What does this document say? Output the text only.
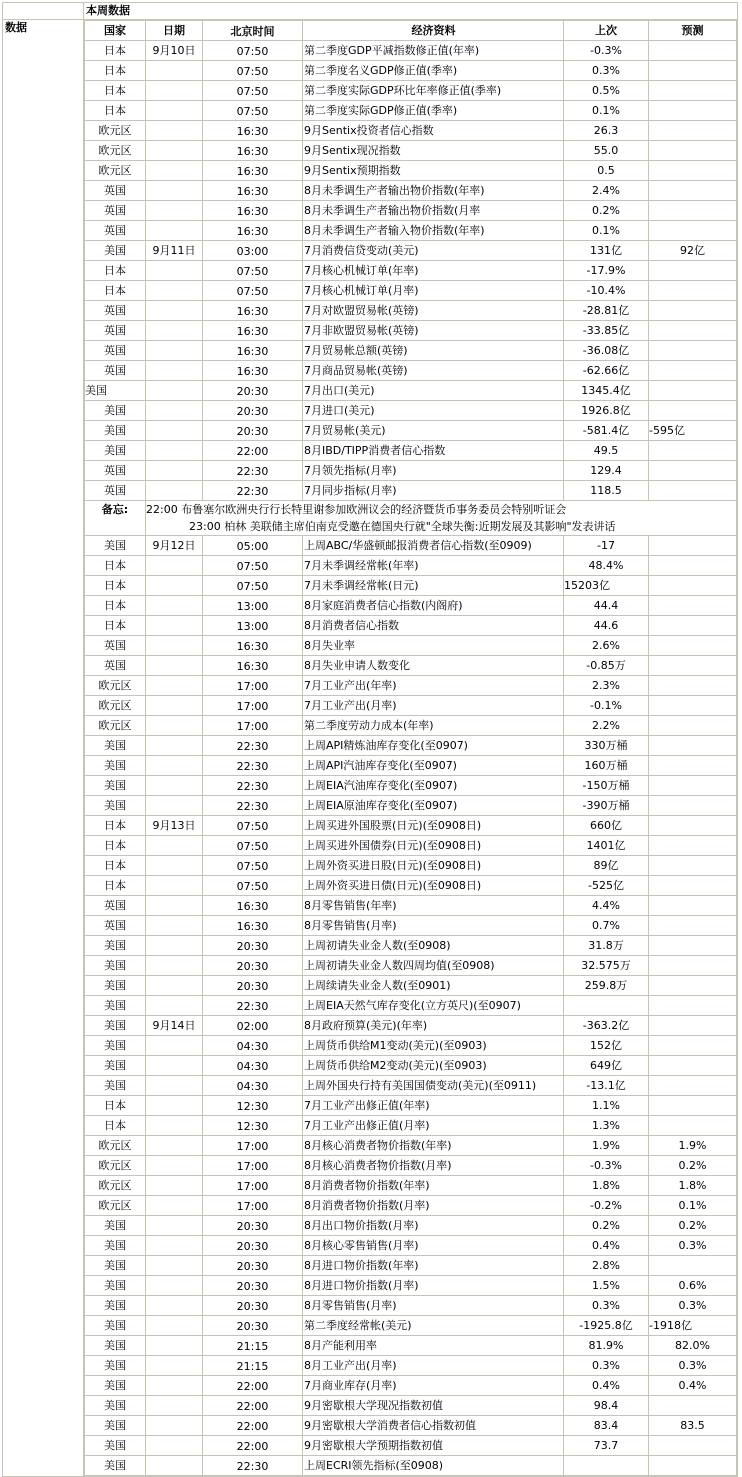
	本周数据
数据		国家	日期	北京时间	经济资料	上次	预测
日本	9月10日	07:50	第二季度GDP平减指数修正值(年率)	-0.3%	
日本		07:50	第二季度名义GDP修正值(季率)	0.3%	
日本		07:50	第二季度实际GDP环比年率修正值(季率)	0.5%	
日本		07:50	第二季度实际GDP修正值(季率)	0.1%	
欧元区		16:30	9月Sentix投资者信心指数	26.3	
欧元区		16:30	9月Sentix现况指数	55.0	
欧元区		16:30	9月Sentix预期指数	0.5	
英国		16:30	8月未季调生产者输出物价指数(年率)	2.4%	
英国		16:30	8月未季调生产者输出物价指数(月率	0.2%	
英国		16:30	8月未季调生产者输入物价指数(年率)	0.1%	
美国	9月11日	03:00	7月消费信贷变动(美元)	131亿	92亿
日本		07:50	7月核心机械订单(年率)	-17.9%	
日本		07:50	7月核心机械订单(月率)	-10.4%	
英国		16:30	7月对欧盟贸易帐(英镑)	-28.81亿	
英国		16:30	7月非欧盟贸易帐(英镑)	-33.85亿	
英国		16:30	7月贸易帐总额(英镑)	-36.08亿	
英国		16:30	7月商品贸易帐(英镑)	-62.66亿	
美国		20:30	7月出口(美元)	1345.4亿	
美国		20:30	7月进口(美元)	1926.8亿	
美国		20:30	7月贸易帐(美元)	-581.4亿	-595亿
美国		22:00	8月IBD/TIPP消费者信心指数	49.5	
英国		22:30	7月领先指标(月率)	129.4	
英国		22:30	7月同步指标(月率)	118.5	
备忘:	22:00 布鲁塞尔欧洲央行行长特里谢参加欧洲议会的经济暨货币事务委员会特别听证会
23:00 柏林 美联储主席伯南克受邀在德国央行就"全球失衡:近期发展及其影响"发表讲话

美国	9月12日	05:00	上周ABC/华盛顿邮报消费者信心指数(至0909)	-17	
日本		07:50	7月未季调经常帐(年率)	48.4%	
日本		07:50	7月未季调经常帐(日元)	15203亿	
日本		13:00	8月家庭消费者信心指数(内阁府)	44.4	
日本		13:00	8月消费者信心指数	44.6	
英国		16:30	8月失业率	2.6%	
英国		16:30	8月失业申请人数变化	-0.85万	
欧元区		17:00	7月工业产出(年率)	2.3%	
欧元区		17:00	7月工业产出(月率)	-0.1%	
欧元区		17:00	第二季度劳动力成本(年率)	2.2%	
美国		22:30	上周API精炼油库存变化(至0907)	330万桶	
美国		22:30	上周API汽油库存变化(至0907)	160万桶	
美国		22:30	上周EIA汽油库存变化(至0907)	-150万桶	
美国		22:30	上周EIA原油库存变化(至0907)	-390万桶	
日本	9月13日	07:50	上周买进外国股票(日元)(至0908日)	660亿	
日本		07:50	上周买进外国债券(日元)(至0908日)	1401亿	
日本		07:50	上周外资买进日股(日元)(至0908日)	89亿	
日本		07:50	上周外资买进日债(日元)(至0908日)	-525亿	
英国		16:30	8月零售销售(年率)	4.4%	
英国		16:30	8月零售销售(月率)	0.7%	
美国		20:30	上周初请失业金人数(至0908)	31.8万	
美国		20:30	上周初请失业金人数四周均值(至0908)	32.575万	
美国		20:30	上周续请失业金人数(至0901)	259.8万	
美国		22:30	上周EIA天然气库存变化(立方英尺)(至0907)		
美国	9月14日	02:00	8月政府预算(美元)(年率)	-363.2亿	
美国		04:30	上周货币供给M1变动(美元)(至0903)	152亿	
美国		04:30	上周货币供给M2变动(美元)(至0903)	649亿	
美国		04:30	上周外国央行持有美国国债变动(美元)(至0911)	-13.1亿	
日本		12:30	7月工业产出修正值(年率)	1.1%	
日本		12:30	7月工业产出修正值(月率)	1.3%	
欧元区		17:00	8月核心消费者物价指数(年率)	1.9%	1.9%
欧元区		17:00	8月核心消费者物价指数(月率)	-0.3%	0.2%
欧元区		17:00	8月消费者物价指数(年率)	1.8%	1.8%
欧元区		17:00	8月消费者物价指数(月率)	-0.2%	0.1%
美国		20:30	8月出口物价指数(月率)	0.2%	0.2%
美国		20:30	8月核心零售销售(月率)	0.4%	0.3%
美国		20:30	8月进口物价指数(年率)	2.8%	
美国		20:30	8月进口物价指数(月率)	1.5%	0.6%
美国		20:30	8月零售销售(月率)	0.3%	0.3%
美国		20:30	第二季度经常帐(美元)	-1925.8亿	-1918亿
美国		21:15	8月产能利用率	81.9%	82.0%
美国		21:15	8月工业产出(月率)	0.3%	0.3%
美国		22:00	7月商业库存(月率)	0.4%	0.4%
美国		22:00	9月密歇根大学现况指数初值	98.4	
美国		22:00	9月密歇根大学消费者信心指数初值	83.4	83.5
美国		22:00	9月密歇根大学预期指数初值	73.7	
美国		22:30	上周ECRI领先指标(至0908)		
